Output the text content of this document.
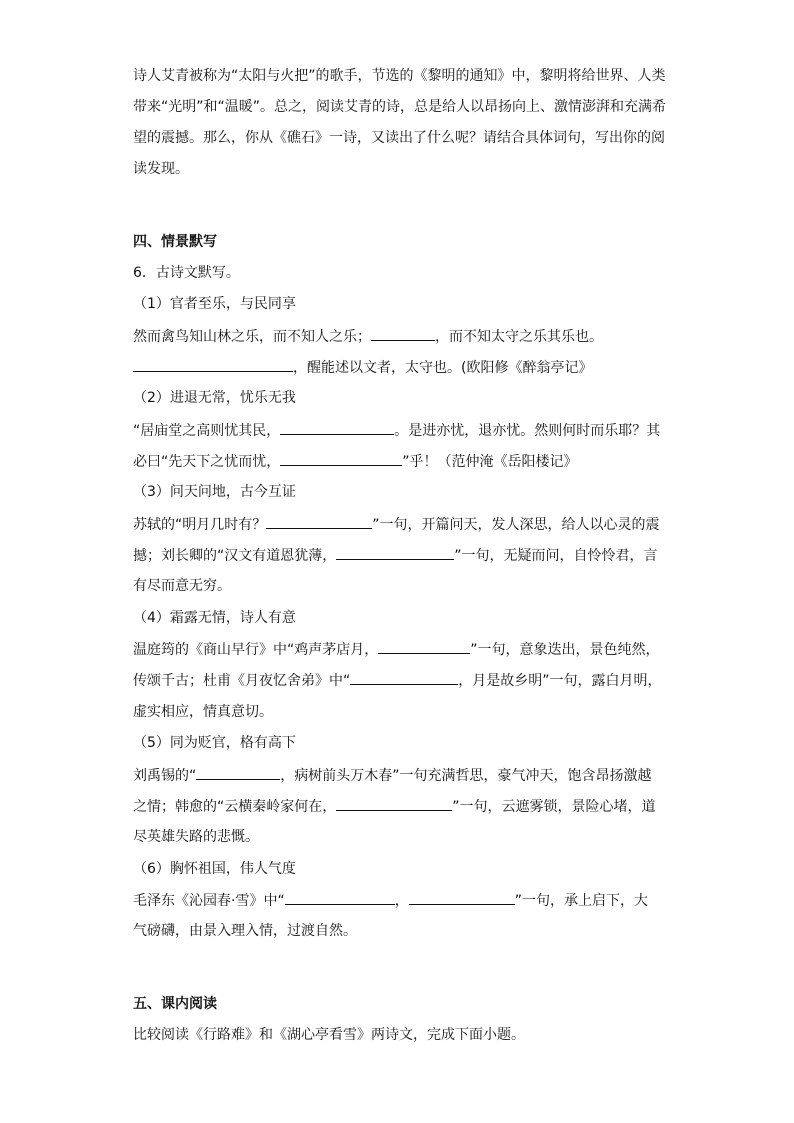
诗人艾青被称为“太阳与火把”的歌手，节选的《黎明的通知》中，黎明将给世界、人类
带来“光明”和“温暖”。总之，阅读艾青的诗，总是给人以昂扬向上、激情澎湃和充满希
望的震撼。那么，你从《礁石》一诗，又读出了什么呢？请结合具体词句，写出你的阅
读发现。
四、情景默写
6．古诗文默写。
（1）官者至乐，与民同享
然而禽鸟知山林之乐，而不知人之乐；	，而不知太守之乐其乐也。
，醒能述以文者，太守也。(欧阳修《醉翁亭记》
（2）进退无常，忧乐无我
“居庙堂之高则忧其民，	。是进亦忧，退亦忧。然则何时而乐耶？其
必曰“先天下之忧而忧，	”乎！（范仲淹《岳阳楼记》
（3）问天问地，古今互证
苏轼的“明月几时有？	”一句，开篇问天，发人深思，给人以心灵的震
撼；刘长卿的“汉文有道恩犹薄，	”一句，无疑而问，自怜怜君，言
有尽而意无穷。
（4）霜露无情，诗人有意
温庭筠的《商山早行》中“鸡声茅店月，	”一句，意象迭出，景色纯然，
传颂千古；杜甫《月夜忆舍弟》中“	，月是故乡明”一句，露白月明，
虚实相应，情真意切。
（5）同为贬官，格有高下
刘禹锡的“	，病树前头万木春”一句充满哲思，豪气冲天，饱含昂扬激越
之情；韩愈的“云横秦岭家何在，	”一句，云遮雾锁，景险心堵，道
尽英雄失路的悲慨。
（6）胸怀祖国，伟人气度
毛泽东《沁园春·雪》中“	，	”一句，承上启下，大
气磅礴，由景入理入情，过渡自然。
五、课内阅读
比较阅读《行路难》和《湖心亭看雪》两诗文，完成下面小题。
